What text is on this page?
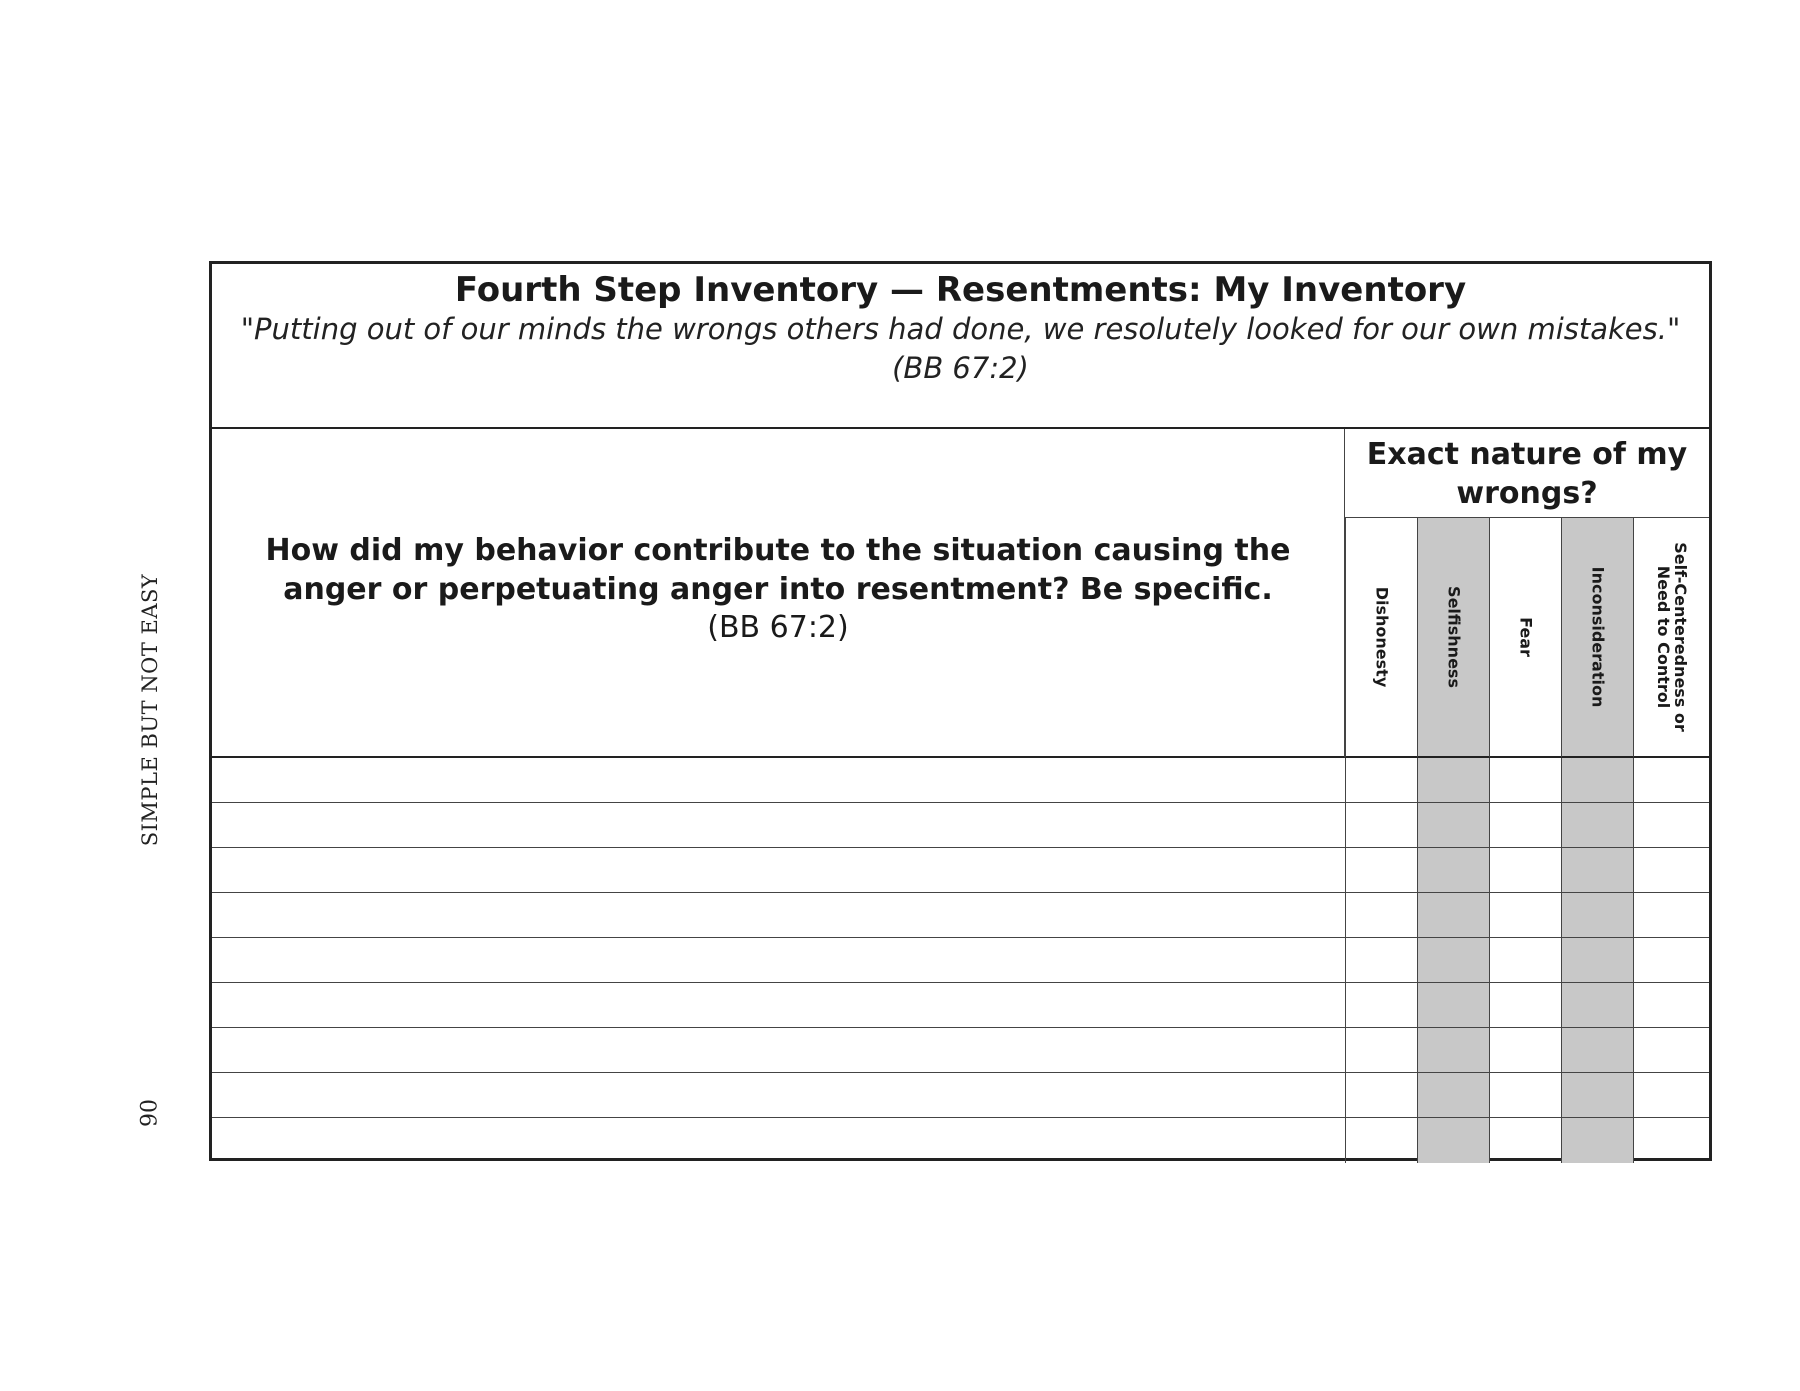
SIMPLE BUT NOT EASY
90
Fourth Step Inventory — Resentments: My Inventory
"Putting out of our minds the wrongs others had done, we resolutely looked for our own mistakes."
(BB 67:2)
How did my behavior contribute to the situation causing the anger or perpetuating anger into resentment? Be specific.
(BB 67:2)
Exact nature of my wrongs?
Dishonesty	Selfishness	Fear	Inconsideration	Self-Centeredness or
Need to Control
